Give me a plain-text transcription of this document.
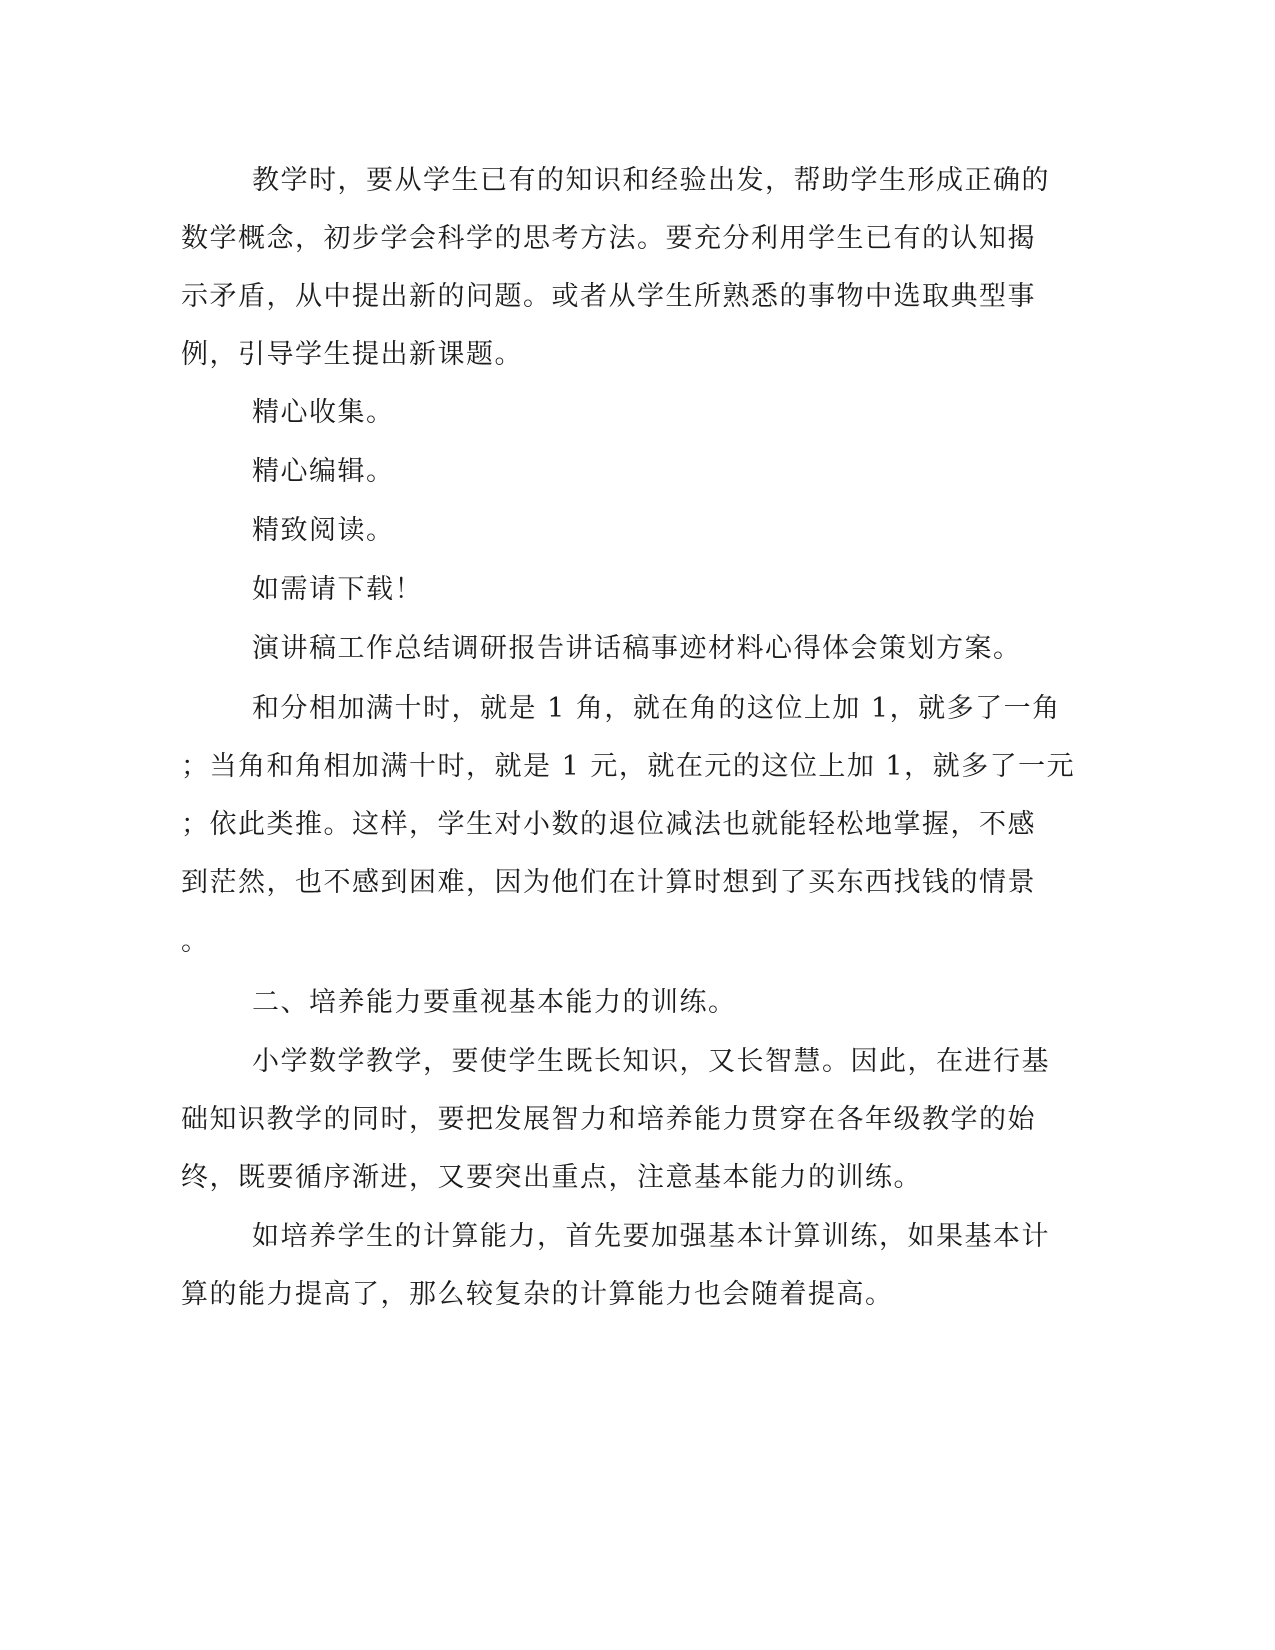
教学时，要从学生已有的知识和经验出发，帮助学生形成正确的
数学概念，初步学会科学的思考方法。要充分利用学生已有的认知揭
示矛盾，从中提出新的问题。或者从学生所熟悉的事物中选取典型事
例，引导学生提出新课题。
精心收集。
精心编辑。
精致阅读。
如需请下载！
演讲稿工作总结调研报告讲话稿事迹材料心得体会策划方案。
和分相加满十时，就是 1 角，就在角的这位上加 1，就多了一角
；当角和角相加满十时，就是 1 元，就在元的这位上加 1，就多了一元
；依此类推。这样，学生对小数的退位减法也就能轻松地掌握，不感
到茫然，也不感到困难，因为他们在计算时想到了买东西找钱的情景
。
二、培养能力要重视基本能力的训练。
小学数学教学，要使学生既长知识，又长智慧。因此，在进行基
础知识教学的同时，要把发展智力和培养能力贯穿在各年级教学的始
终，既要循序渐进，又要突出重点，注意基本能力的训练。
如培养学生的计算能力，首先要加强基本计算训练，如果基本计
算的能力提高了，那么较复杂的计算能力也会随着提高。
